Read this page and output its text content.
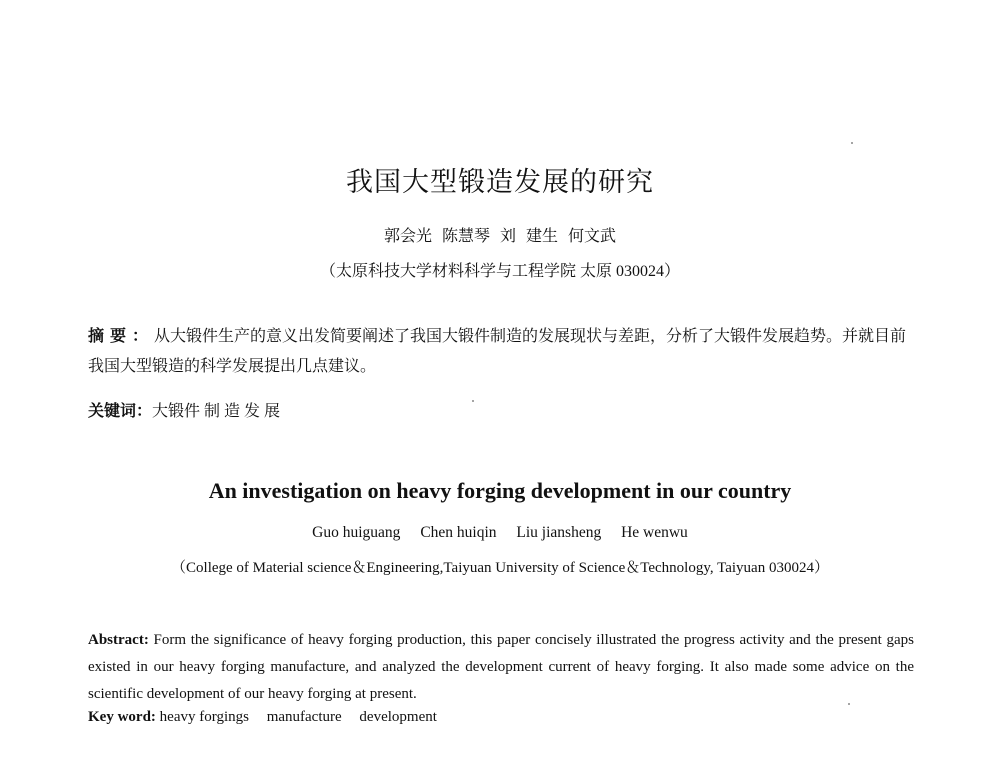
我国大型锻造发展的研究
郭会光 陈慧琴 刘 建生 何文武
（太原科技大学材料科学与工程学院 太原 030024）
摘要：从大锻件生产的意义出发简要阐述了我国大锻件制造的发展现状与差距，分析了大锻件发展趋势。并就目前我国大型锻造的科学发展提出几点建议。
关键词：大锻件 制 造 发 展
An investigation on heavy forging development in our country
Guo huiguang Chen huiqin Liu jiansheng He wenwu
（College of Material science＆Engineering,Taiyuan University of Science＆Technology, Taiyuan 030024）
Abstract: Form the significance of heavy forging production, this paper concisely illustrated the progress activity and the present gaps existed in our heavy forging manufacture, and analyzed the development current of heavy forging. It also made some advice on the scientific development of our heavy forging at present.
Key word: heavy forgings manufacture development
